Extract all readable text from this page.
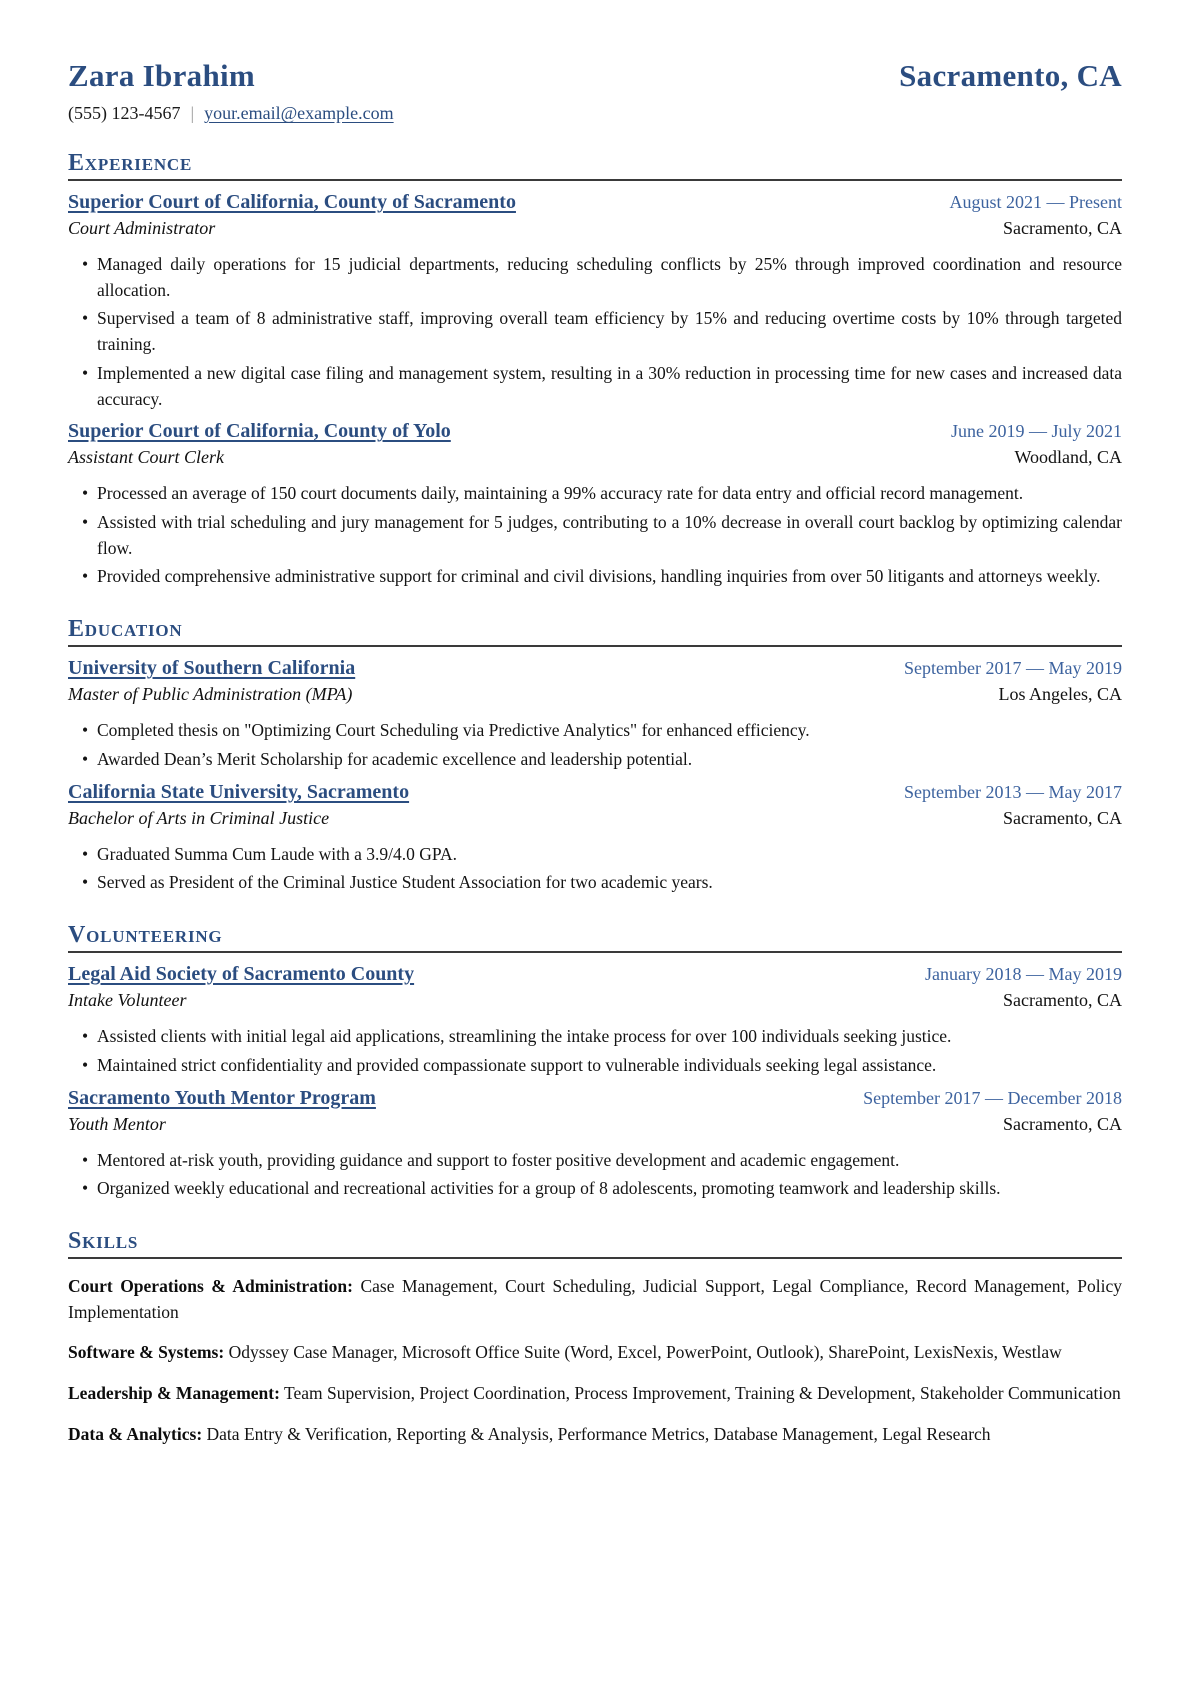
Zara Ibrahim	Sacramento, CA
(555) 123-4567 | your.email@example.com
Experience
Superior Court of California, County of Sacramento	August 2021 — Present
Court Administrator	Sacramento, CA
• Managed daily operations for 15 judicial departments, reducing scheduling conflicts by 25% through improved coordination and resource allocation.
• Supervised a team of 8 administrative staff, improving overall team efficiency by 15% and reducing overtime costs by 10% through targeted training.
• Implemented a new digital case filing and management system, resulting in a 30% reduction in processing time for new cases and increased data accuracy.
Superior Court of California, County of Yolo	June 2019 — July 2021
Assistant Court Clerk	Woodland, CA
• Processed an average of 150 court documents daily, maintaining a 99% accuracy rate for data entry and official record management.
• Assisted with trial scheduling and jury management for 5 judges, contributing to a 10% decrease in overall court backlog by optimizing calendar flow.
• Provided comprehensive administrative support for criminal and civil divisions, handling inquiries from over 50 litigants and attorneys weekly.
Education
University of Southern California	September 2017 — May 2019
Master of Public Administration (MPA)	Los Angeles, CA
• Completed thesis on "Optimizing Court Scheduling via Predictive Analytics" for enhanced efficiency.
• Awarded Dean’s Merit Scholarship for academic excellence and leadership potential.
California State University, Sacramento	September 2013 — May 2017
Bachelor of Arts in Criminal Justice	Sacramento, CA
• Graduated Summa Cum Laude with a 3.9/4.0 GPA.
• Served as President of the Criminal Justice Student Association for two academic years.
Volunteering
Legal Aid Society of Sacramento County	January 2018 — May 2019
Intake Volunteer	Sacramento, CA
• Assisted clients with initial legal aid applications, streamlining the intake process for over 100 individuals seeking justice.
• Maintained strict confidentiality and provided compassionate support to vulnerable individuals seeking legal assistance.
Sacramento Youth Mentor Program	September 2017 — December 2018
Youth Mentor	Sacramento, CA
• Mentored at-risk youth, providing guidance and support to foster positive development and academic engagement.
• Organized weekly educational and recreational activities for a group of 8 adolescents, promoting teamwork and leadership skills.
Skills

Court Operations & Administration: Case Management, Court Scheduling, Judicial Support, Legal Compliance, Record Management, Policy Implementation

Software & Systems: Odyssey Case Manager, Microsoft Office Suite (Word, Excel, PowerPoint, Outlook), SharePoint, LexisNexis, Westlaw

Leadership & Management: Team Supervision, Project Coordination, Process Improvement, Training & Development, Stakeholder Communication

Data & Analytics: Data Entry & Verification, Reporting & Analysis, Performance Metrics, Database Management, Legal Research
